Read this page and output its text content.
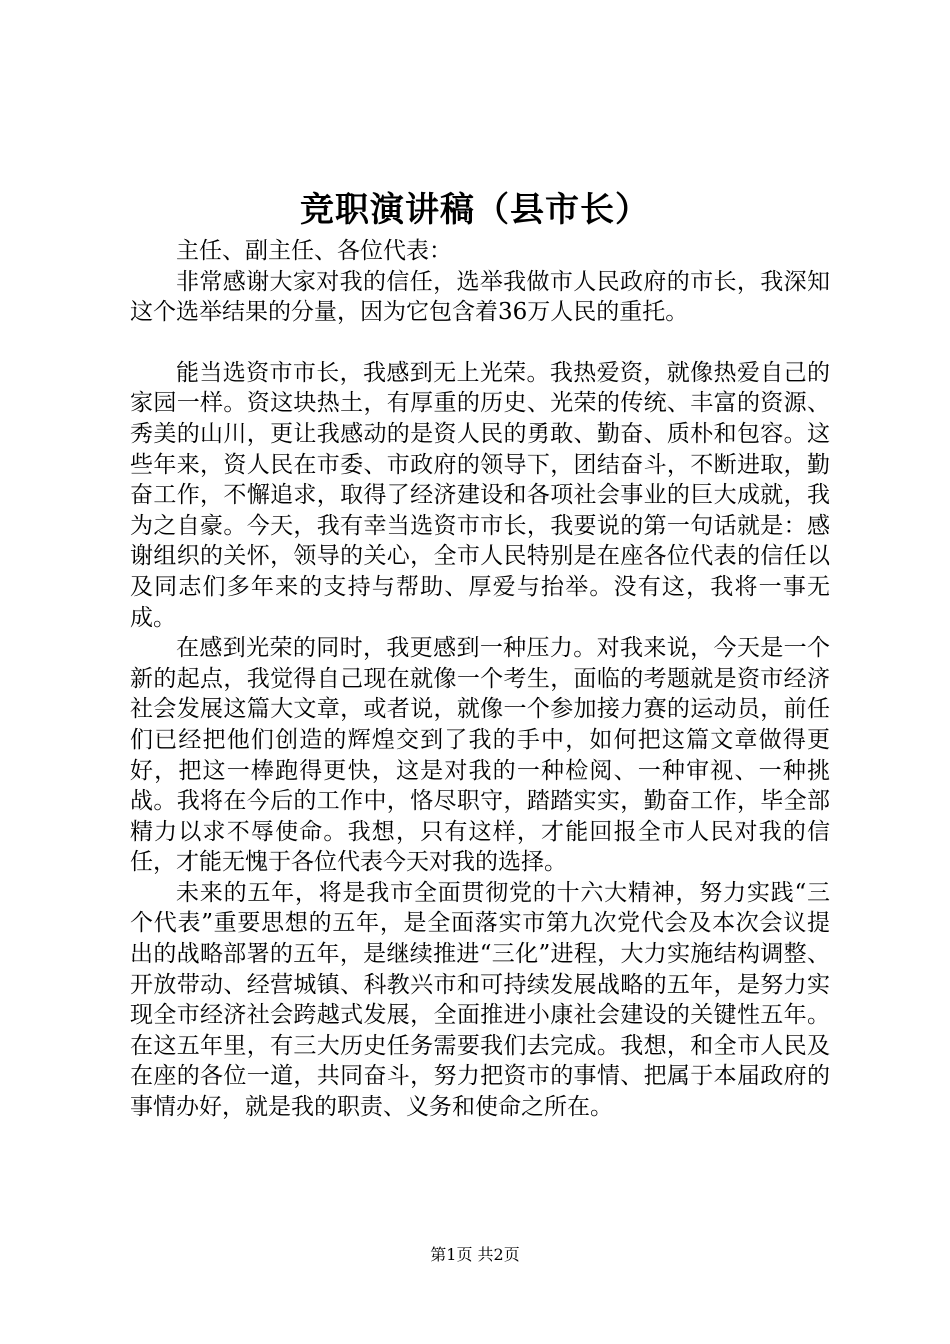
竞职演讲稿（县市长）

主任、副主任、各位代表：

非常感谢大家对我的信任，选举我做市人民政府的市长，我深知这个选举结果的分量，因为它包含着36万人民的重托。

能当选资市市长，我感到无上光荣。我热爱资，就像热爱自己的家园一样。资这块热土，有厚重的历史、光荣的传统、丰富的资源、秀美的山川，更让我感动的是资人民的勇敢、勤奋、质朴和包容。这些年来，资人民在市委、市政府的领导下，团结奋斗，不断进取，勤奋工作，不懈追求，取得了经济建设和各项社会事业的巨大成就，我为之自豪。今天，我有幸当选资市市长，我要说的第一句话就是：感谢组织的关怀，领导的关心，全市人民特别是在座各位代表的信任以及同志们多年来的支持与帮助、厚爱与抬举。没有这，我将一事无成。

在感到光荣的同时，我更感到一种压力。对我来说，今天是一个新的起点，我觉得自己现在就像一个考生，面临的考题就是资市经济社会发展这篇大文章，或者说，就像一个参加接力赛的运动员，前任们已经把他们创造的辉煌交到了我的手中，如何把这篇文章做得更好，把这一棒跑得更快，这是对我的一种检阅、一种审视、一种挑战。我将在今后的工作中，恪尽职守，踏踏实实，勤奋工作，毕全部精力以求不辱使命。我想，只有这样，才能回报全市人民对我的信任，才能无愧于各位代表今天对我的选择。

未来的五年，将是我市全面贯彻党的十六大精神，努力实践“三个代表”重要思想的五年，是全面落实市第九次党代会及本次会议提出的战略部署的五年，是继续推进“三化”进程，大力实施结构调整、开放带动、经营城镇、科教兴市和可持续发展战略的五年，是努力实现全市经济社会跨越式发展，全面推进小康社会建设的关键性五年。在这五年里，有三大历史任务需要我们去完成。我想，和全市人民及在座的各位一道，共同奋斗，努力把资市的事情、把属于本届政府的事情办好，就是我的职责、义务和使命之所在。

第1页 共2页
